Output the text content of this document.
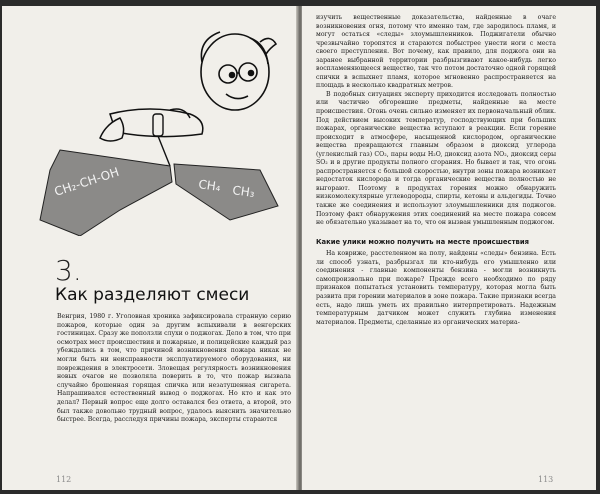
CH₂-CH-OH	CH₄ CH₃
3.
Как разделяют смеси

Венгрия, 1980 г. Уголовная хроника зафиксировала странную серию пожаров, которые один за другим вспыхивали в венгерских гостиницах. Сразу же поползли слухи о поджогах. Дело в том, что при осмотрах мест происшествия и пожарные, и полицейские каждый раз убеждались в том, что причиной возникновения пожара никак не могли быть ни неисправности эксплуатируемого оборудования, ни повреждения в электросети. Зловещая регулярность возникновения новых очагов не позволяла поверить в то, что пожар вызвала случайно брошенная горящая спичка или незатушенная сигарета. Напрашивался естественный вывод о поджогах. Но кто и как это делал? Первый вопрос еще долго оставался без ответа, а второй, это был также довольно трудный вопрос, удалось выяснить значительно быстрее. Всегда, расследуя причины пожара, эксперты стараются

112

изучить вещественные доказательства, найденные в очаге возникновения огня, потому что именно там, где зародилось пламя, и могут остаться «следы» злоумышленников. Поджигатели обычно чрезвычайно торопятся и стараются побыстрее унести ноги с места своего преступления. Вот почему, как правило, для поджога они на заранее выбранной территории разбрызгивают какое-нибудь легко воспламеняющееся вещество, так что потом достаточно одной горящей спички в вспыхнет пламя, которое мгновенно распространяется на площадь в несколько квадратных метров.

В подобных ситуациях эксперту приходится исследовать полностью или частично обгоревшие предметы, найденные на месте происшествия. Огонь очень сильно изменяет их первоначальный облик. Под действием высоких температур, господствующих при больших пожарах, органические вещества вступают в реакции. Если горение происходит в атмосфере, насыщенной кислородом, органические вещества превращаются главным образом в диоксид углерода (углекислый газ) CO₂, пары воды H₂O, диоксид азота NO₂, диоксид серы SO₂ и в другие продукты полного сгорания. Но бывает и так, что огонь распространяется с большой скоростью, внутри зоны пожара возникает недостаток кислорода и тогда органические вещества полностью не выгорают. Поэтому в продуктах горения можно обнаружить низкомолекулярные углеводороды, спирты, кетоны и альдегиды. Точно также же соединения и используют злоумышленники для поджогов. Поэтому факт обнаружения этих соединений на месте пожара совсем не обязательно указывает на то, что он вызван умышленным поджогом.

Какие улики можно получить на месте происшествия

На ковриже, расстеленном на полу, найдены «следы» бензина. Есть ли способ узнать, разбрызгал ли кто-нибудь его умышленно или соединения - главные компоненты бензина - могли возникнуть самопроизвольно при пожаре? Прежде всего необходимо по ряду признаков попытаться установить температуру, которая могла быть развита при горении материалов в зоне пожара. Такие признаки всегда есть, надо лишь уметь их правильно интерпретировать. Надежным температурным датчиком может служить глубина изменения материалов. Предметы, сделанные из органических материа-

113
